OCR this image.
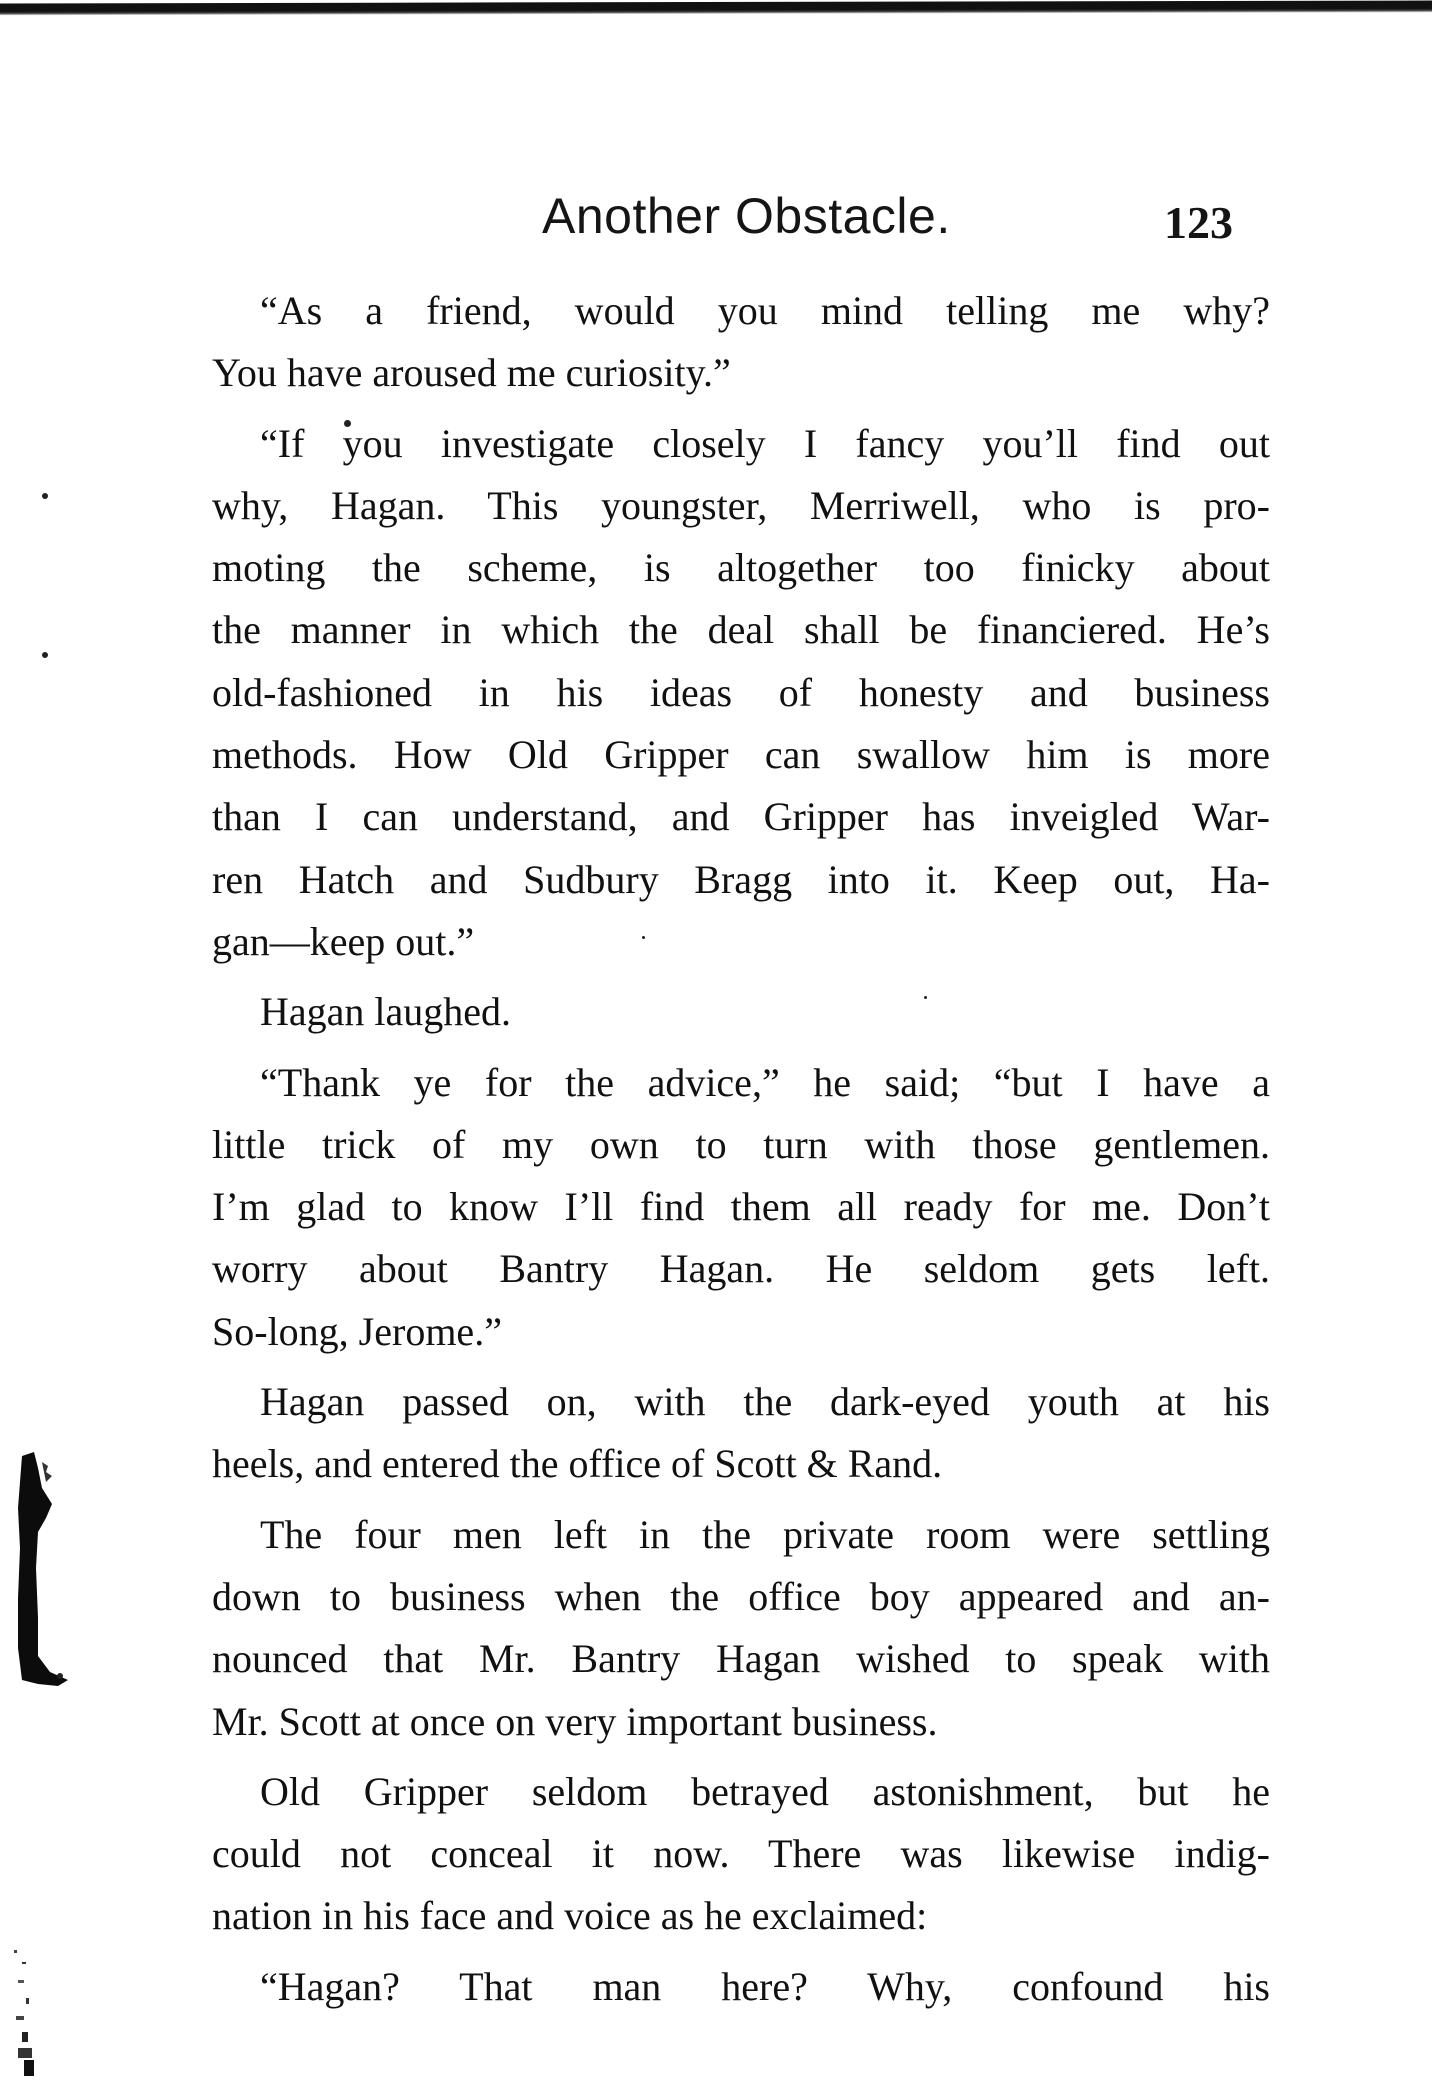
Another Obstacle.	123

“As a friend, would you mind telling me why?
You have aroused me curiosity.”

“If you investigate closely I fancy you’ll find out
why, Hagan. This youngster, Merriwell, who is pro-
moting the scheme, is altogether too finicky about
the manner in which the deal shall be financiered. He’s
old-fashioned in his ideas of honesty and business
methods. How Old Gripper can swallow him is more
than I can understand, and Gripper has inveigled War-
ren Hatch and Sudbury Bragg into it. Keep out, Ha-
gan—keep out.”

Hagan laughed.

“Thank ye for the advice,” he said; “but I have a
little trick of my own to turn with those gentlemen.
I’m glad to know I’ll find them all ready for me. Don’t
worry about Bantry Hagan. He seldom gets left.
So-long, Jerome.”

Hagan passed on, with the dark-eyed youth at his
heels, and entered the office of Scott & Rand.

The four men left in the private room were settling
down to business when the office boy appeared and an-
nounced that Mr. Bantry Hagan wished to speak with
Mr. Scott at once on very important business.

Old Gripper seldom betrayed astonishment, but he
could not conceal it now. There was likewise indig-
nation in his face and voice as he exclaimed:

“Hagan? That man here? Why, confound his
